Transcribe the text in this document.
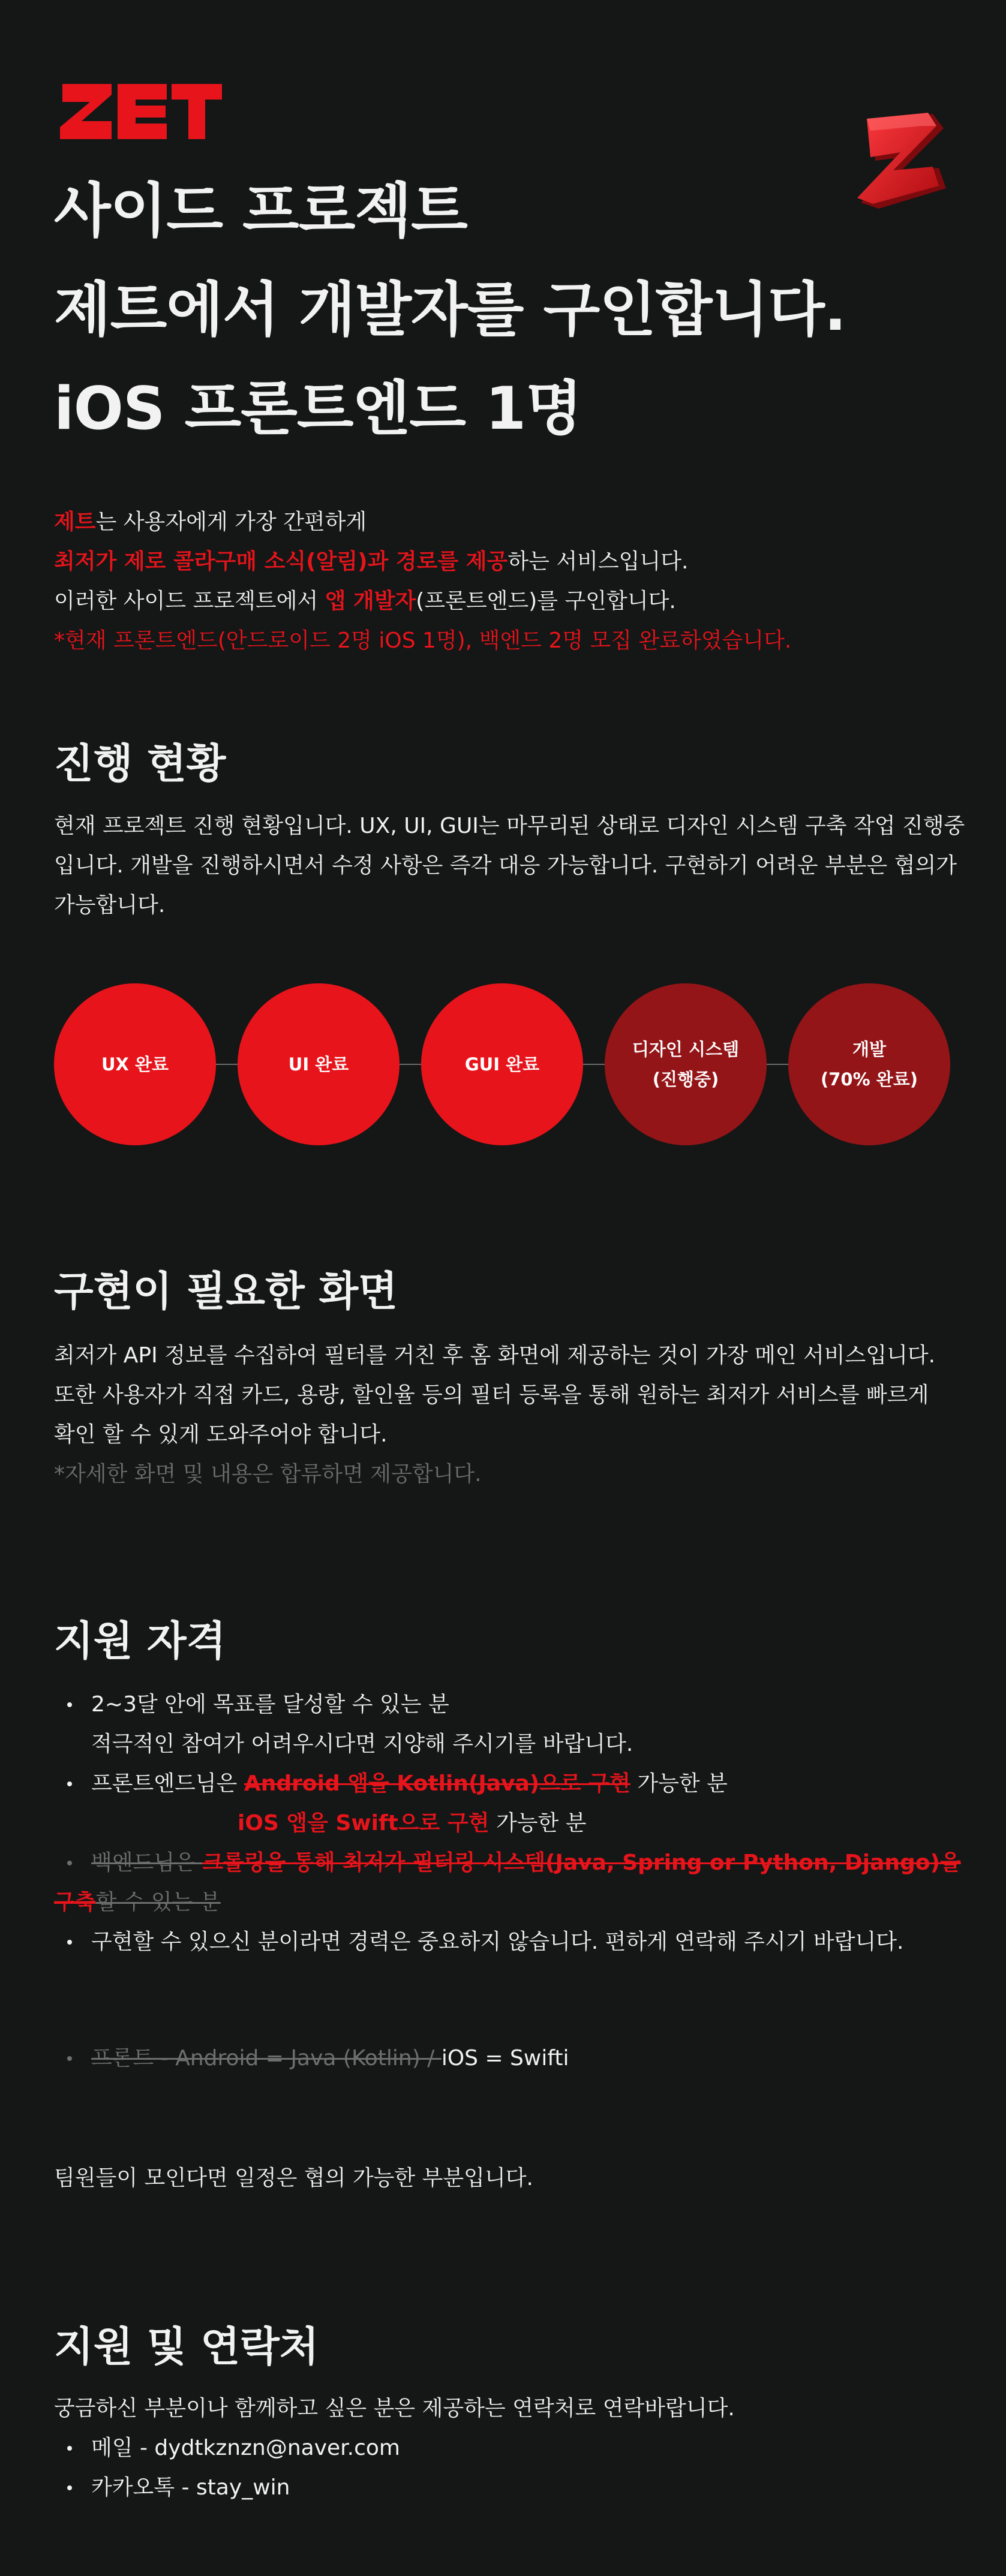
사이드 프로젝트
제트에서 개발자를 구인합니다.
iOS 프론트엔드 1명
제트는 사용자에게 가장 간편하게
최저가 제로 콜라구매 소식(알림)과 경로를 제공하는 서비스입니다.
이러한 사이드 프로젝트에서 앱 개발자(프론트엔드)를 구인합니다.
*현재 프론트엔드(안드로이드 2명 iOS 1명), 백엔드 2명 모집 완료하였습니다.
진행 현황
현재 프로젝트 진행 현황입니다. UX, UI, GUI는 마무리된 상태로 디자인 시스템 구축 작업 진행중
입니다. 개발을 진행하시면서 수정 사항은 즉각 대응 가능합니다. 구현하기 어려운 부분은 협의가
가능합니다.
UX 완료	UI 완료	GUI 완료
디자인 시스템
(진행중)
개발
(70% 완료)
구현이 필요한 화면
최저가 API 정보를 수집하여 필터를 거친 후 홈 화면에 제공하는 것이 가장 메인 서비스입니다.
또한 사용자가 직접 카드, 용량, 할인율 등의 필터 등록을 통해 원하는 최저가 서비스를 빠르게
확인 할 수 있게 도와주어야 합니다.
*자세한 화면 및 내용은 합류하면 제공합니다.
지원 자격
2~3달 안에 목표를 달성할 수 있는 분
적극적인 참여가 어려우시다면 지양해 주시기를 바랍니다.
프론트엔드님은 Android 앱을 Kotlin(Java)으로 구현 가능한 분
iOS 앱을 Swift으로 구현 가능한 분
백엔드님은 크롤링을 통해 최저가 필터링 시스템(Java, Spring or Python, Django)을
구축할 수 있는 분
구현할 수 있으신 분이라면 경력은 중요하지 않습니다. 편하게 연락해 주시기 바랍니다.
프론트 - Android = Java (Kotlin) / iOS = Swifti
팀원들이 모인다면 일정은 협의 가능한 부분입니다.
지원 및 연락처
궁금하신 부분이나 함께하고 싶은 분은 제공하는 연락처로 연락바랍니다.
메일 - dydtkznzn@naver.com
카카오톡 - stay_win
